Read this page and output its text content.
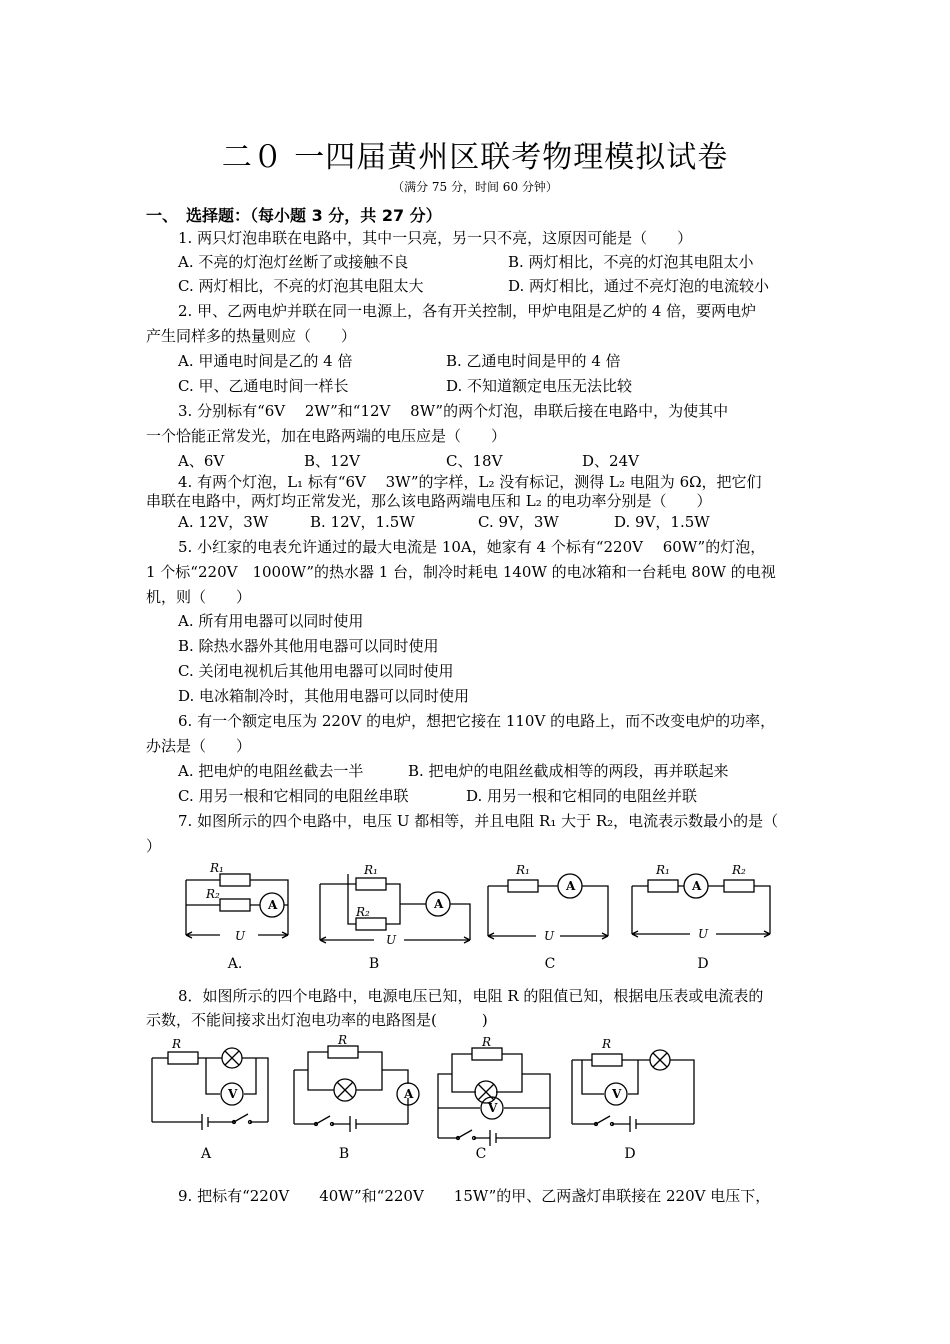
二０ 一四届黄州区联考物理模拟试卷
（满分 75 分，时间 60 分钟）
一、　选择题：（每小题 3 分，共 27 分）
1. 两只灯泡串联在电路中，其中一只亮，另一只不亮，这原因可能是（　　）
A. 不亮的灯泡灯丝断了或接触不良	B. 两灯相比，不亮的灯泡其电阻太小
C. 两灯相比，不亮的灯泡其电阻太大	D. 两灯相比，通过不亮灯泡的电流较小
2. 甲、乙两电炉并联在同一电源上，各有开关控制，甲炉电阻是乙炉的 4 倍，要两电炉
产生同样多的热量则应（　　）
A. 甲通电时间是乙的 4 倍	B. 乙通电时间是甲的 4 倍
C. 甲、乙通电时间一样长	D. 不知道额定电压无法比较
3. 分别标有“6V　 2W”和“12V　 8W”的两个灯泡，串联后接在电路中，为使其中
一个恰能正常发光，加在电路两端的电压应是（　　）
A、6V	B、12V	C、18V	D、24V
4. 有两个灯泡，L₁ 标有“6V　 3W”的字样，L₂ 没有标记，测得 L₂ 电阻为 6Ω，把它们
串联在电路中，两灯均正常发光，那么该电路两端电压和 L₂ 的电功率分别是（　　）
A. 12V，3W	B. 12V，1.5W	C. 9V，3W	D. 9V，1.5W
5. 小红家的电表允许通过的最大电流是 10A，她家有 4 个标有“220V　 60W”的灯泡，
1 个标“220V　1000W”的热水器 1 台，制冷时耗电 140W 的电冰箱和一台耗电 80W 的电视
机，则（　　）
A. 所有用电器可以同时使用
B. 除热水器外其他用电器可以同时使用
C. 关闭电视机后其他用电器可以同时使用
D. 电冰箱制冷时，其他用电器可以同时使用
6. 有一个额定电压为 220V 的电炉，想把它接在 110V 的电路上，而不改变电炉的功率，
办法是（　　）
A. 把电炉的电阻丝截去一半	B. 把电炉的电阻丝截成相等的两段，再并联起来
C. 用另一根和它相同的电阻丝串联	D. 用另一根和它相同的电阻丝并联
7. 如图所示的四个电路中，电压 U 都相等，并且电阻 R₁ 大于 R₂，电流表示数最小的是（
）
R₁
R₂
A
U
R₁
R₂
A
U
R₁
A
U
R₁	R₂
A
U
A.	B	C	D
8．如图所示的四个电路中，电源电压已知，电阻 R 的阻值已知，根据电压表或电流表的
示数，不能间接求出灯泡电功率的电路图是(　　　)
R
V
R
A
R
V
R
V
A	B	C	D
9. 把标有“220V　　40W”和“220V　　15W”的甲、乙两盏灯串联接在 220V 电压下，
